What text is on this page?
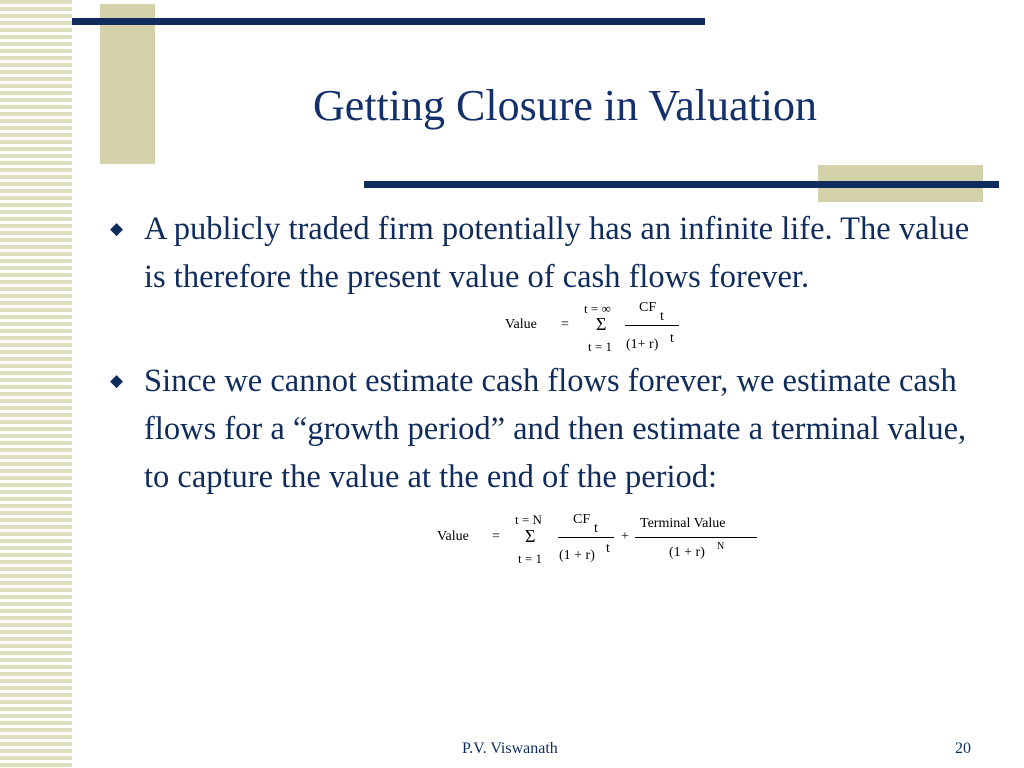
Getting Closure in Valuation
◆ A publicly traded firm potentially has an infinite life. The value is therefore the present value of cash flows forever.
Value =
t = ∞
Σ
t = 1
CF
t
(1+ r) t
◆ Since we cannot estimate cash flows forever, we estimate cash flows for a “growth period” and then estimate a terminal value, to capture the value at the end of the period:
Value =
t = N
Σ
t = 1
CF
t
(1 + r) t
+
Terminal Value
(1 + r) N
P.V. Viswanath	20
